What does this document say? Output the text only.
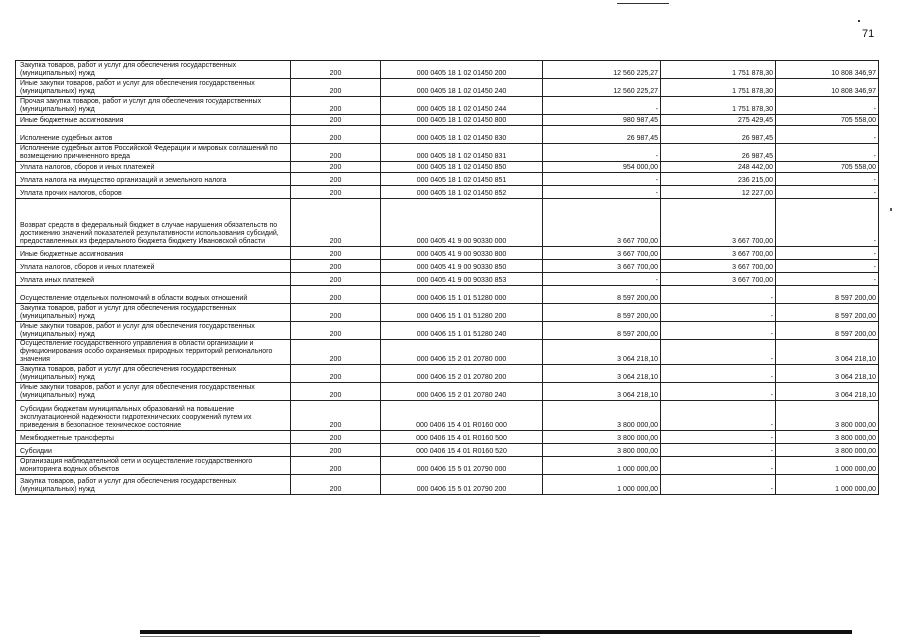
71
Закупка товаров, работ и услуг для обеспечения государственных (муниципальных) нужд	200	000 0405 18 1 02 01450 200	12 560 225,27	1 751 878,30	10 808 346,97
Иные закупки товаров, работ и услуг для обеспечения государственных (муниципальных) нужд	200	000 0405 18 1 02 01450 240	12 560 225,27	1 751 878,30	10 808 346,97
Прочая закупка товаров, работ и услуг для обеспечения государственных (муниципальных) нужд	200	000 0405 18 1 02 01450 244	-	1 751 878,30	-
Иные бюджетные ассигнования	200	000 0405 18 1 02 01450 800	980 987,45	275 429,45	705 558,00
Исполнение судебных актов	200	000 0405 18 1 02 01450 830	26 987,45	26 987,45	-
Исполнение судебных актов Российской Федерации и мировых соглашений по возмещению причиненного вреда	200	000 0405 18 1 02 01450 831	-	26 987,45	-
Уплата налогов, сборов и иных платежей	200	000 0405 18 1 02 01450 850	954 000,00	248 442,00	705 558,00
Уплата налога на имущество организаций и земельного налога	200	000 0405 18 1 02 01450 851	-	236 215,00	-
Уплата прочих налогов, сборов	200	000 0405 18 1 02 01450 852	-	12 227,00	-
Возврат средств в федеральный бюджет в случае нарушения обязательств по достижению значений показателей результативности использования субсидий, предоставленных из федерального бюджета бюджету Ивановской области	200	000 0405 41 9 00 90330 000	3 667 700,00	3 667 700,00	-
Иные бюджетные ассигнования	200	000 0405 41 9 00 90330 800	3 667 700,00	3 667 700,00	-
Уплата налогов, сборов и иных платежей	200	000 0405 41 9 00 90330 850	3 667 700,00	3 667 700,00	-
Уплата иных платежей	200	000 0405 41 9 00 90330 853	-	3 667 700,00	-
Осуществление отдельных полномочий в области водных отношений	200	000 0406 15 1 01 51280 000	8 597 200,00	-	8 597 200,00
Закупка товаров, работ и услуг для обеспечения государственных (муниципальных) нужд	200	000 0406 15 1 01 51280 200	8 597 200,00	-	8 597 200,00
Иные закупки товаров, работ и услуг для обеспечения государственных (муниципальных) нужд	200	000 0406 15 1 01 51280 240	8 597 200,00	-	8 597 200,00
Осуществление государственного управления в области организации и функционирования особо охраняемых природных территорий регионального значения	200	000 0406 15 2 01 20780 000	3 064 218,10	-	3 064 218,10
Закупка товаров, работ и услуг для обеспечения государственных (муниципальных) нужд	200	000 0406 15 2 01 20780 200	3 064 218,10	-	3 064 218,10
Иные закупки товаров, работ и услуг для обеспечения государственных (муниципальных) нужд	200	000 0406 15 2 01 20780 240	3 064 218,10	-	3 064 218,10
Субсидии бюджетам муниципальных образований на повышение эксплуатационной надежности гидротехнических сооружений путем их приведения в безопасное техническое состояние	200	000 0406 15 4 01 R0160 000	3 800 000,00	-	3 800 000,00
Межбюджетные трансферты	200	000 0406 15 4 01 R0160 500	3 800 000,00	-	3 800 000,00
Субсидии	200	000 0406 15 4 01 R0160 520	3 800 000,00	-	3 800 000,00
Организация наблюдательной сети и осуществление государственного мониторинга водных объектов	200	000 0406 15 5 01 20790 000	1 000 000,00	-	1 000 000,00
Закупка товаров, работ и услуг для обеспечения государственных (муниципальных) нужд	200	000 0406 15 5 01 20790 200	1 000 000,00	-	1 000 000,00
